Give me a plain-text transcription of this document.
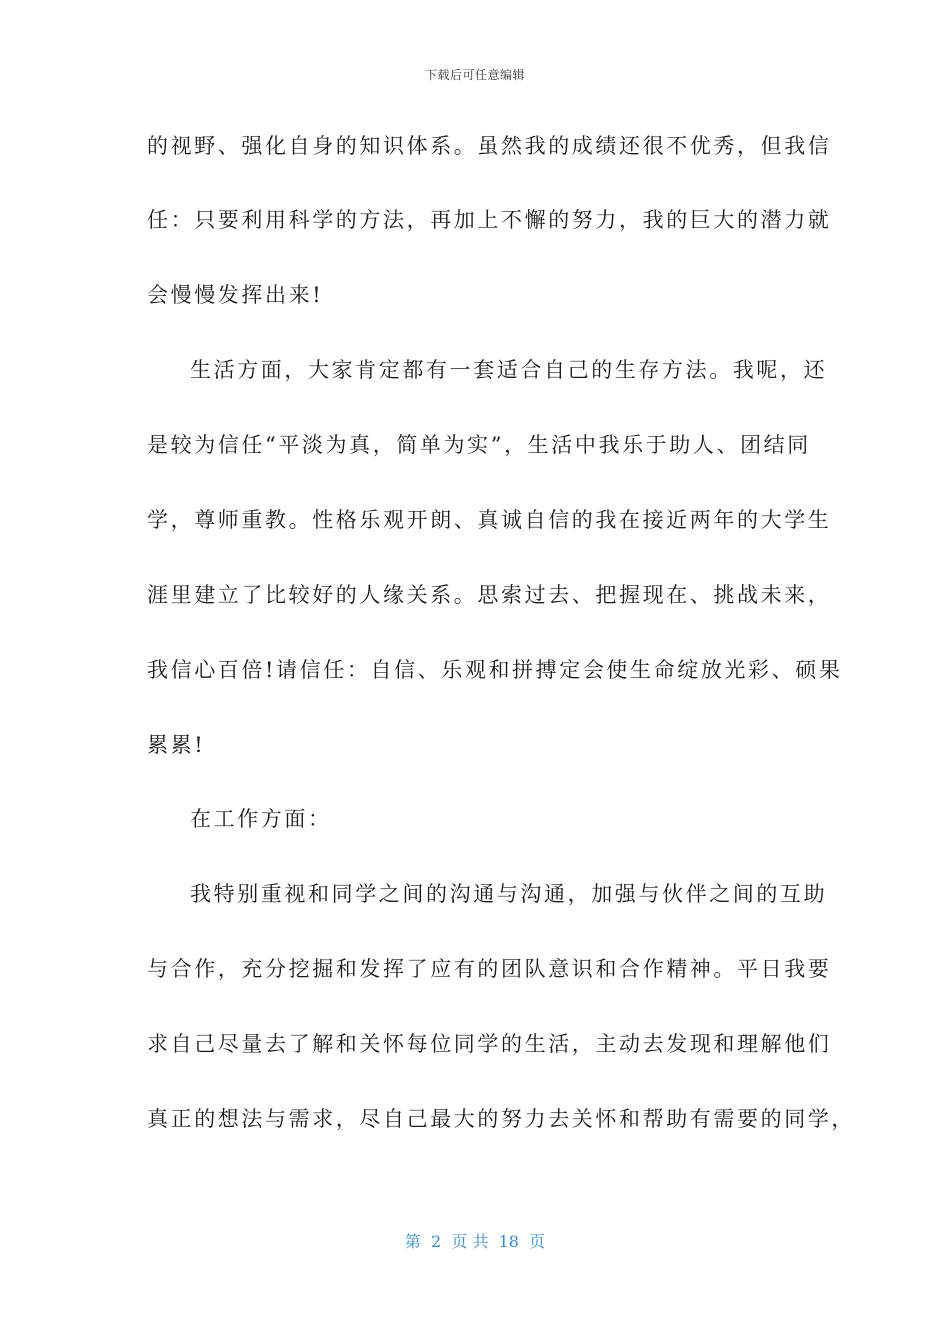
下载后可任意编辑
的视野、强化自身的知识体系。虽然我的成绩还很不优秀，但我信
任：只要利用科学的方法，再加上不懈的努力，我的巨大的潜力就
会慢慢发挥出来!
生活方面，大家肯定都有一套适合自己的生存方法。我呢，还
是较为信任“平淡为真，简单为实”，生活中我乐于助人、团结同
学，尊师重教。性格乐观开朗、真诚自信的我在接近两年的大学生
涯里建立了比较好的人缘关系。思索过去、把握现在、挑战未来，
我信心百倍!请信任：自信、乐观和拼搏定会使生命绽放光彩、硕果
累累!
在工作方面：
我特别重视和同学之间的沟通与沟通，加强与伙伴之间的互助
与合作，充分挖掘和发挥了应有的团队意识和合作精神。平日我要
求自己尽量去了解和关怀每位同学的生活，主动去发现和理解他们
真正的想法与需求，尽自己最大的努力去关怀和帮助有需要的同学，
第  2  页 共  18  页
